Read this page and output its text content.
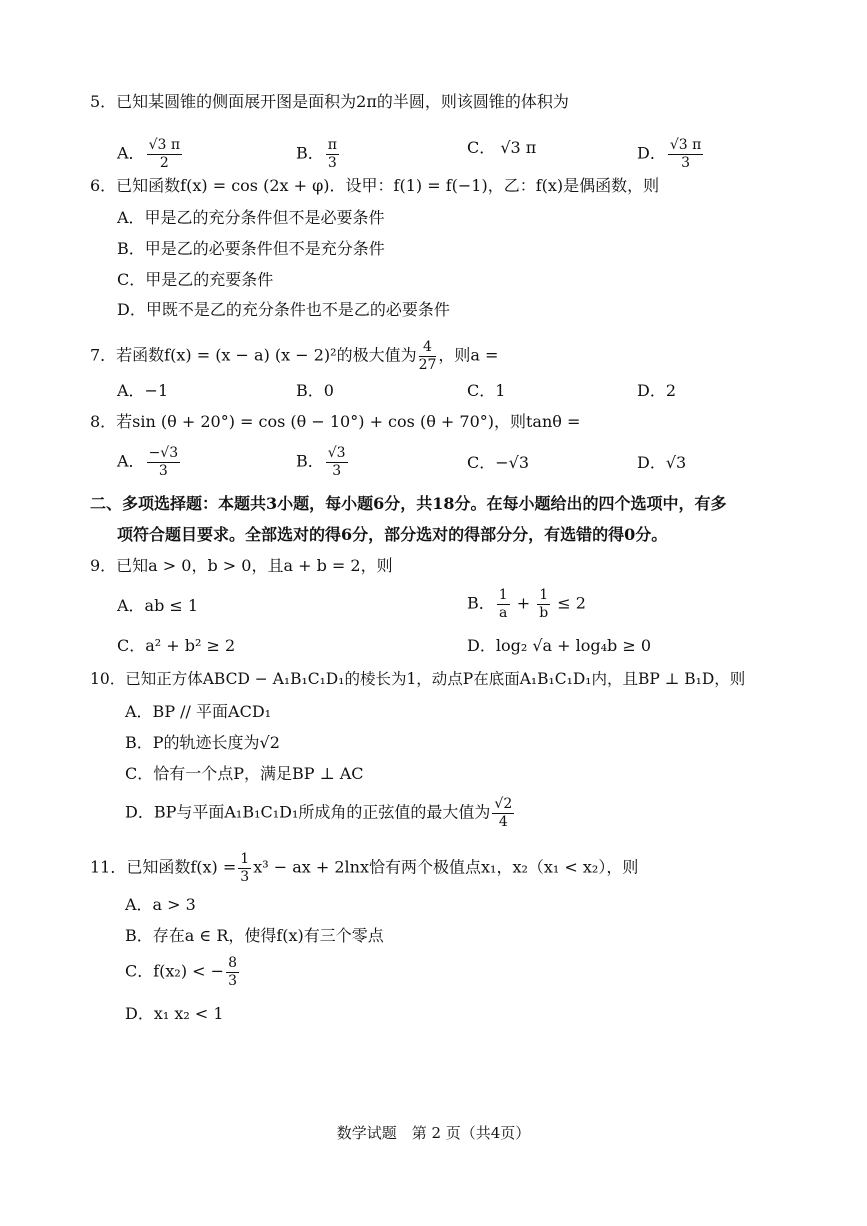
5．已知某圆锥的侧面展开图是面积为2π的半圆，则该圆锥的体积为
A． $\frac{√3 \pi}{2}$	B． $\frac{\pi}{3}$	C． √3 π	D． $\frac{√3 \pi}{3}$
6．已知函数f(x) = cos (2x + φ)．设甲：f(1) = f(−1)，乙：f(x)是偶函数，则
A．甲是乙的充分条件但不是必要条件
B．甲是乙的必要条件但不是充分条件
C．甲是乙的充要条件
D．甲既不是乙的充分条件也不是乙的必要条件
7．若函数f(x) = (x − a) (x − 2)²的极大值为 $\frac{4}{27}$ ，则a =
A．−1	B．0	C．1	D．2
8．若sin (θ + 20°) = cos (θ − 10°) + cos (θ + 70°)，则tanθ =
A． $\frac{-√3}{3}$	B． $\frac{√3}{3}$	C．−√3	D．√3
二、多项选择题：本题共3小题，每小题6分，共18分。在每小题给出的四个选项中，有多
项符合题目要求。全部选对的得6分，部分选对的得部分分，有选错的得0分。
9．已知a > 0，b > 0，且a + b = 2，则
A．ab ≤ 1	B． $\frac{1}{a} + \frac{1}{b} \le 2$
C．a² + b² ≥ 2	D．log₂ √a + log₄b ≥ 0
10．已知正方体ABCD − A₁B₁C₁D₁的棱长为1，动点P在底面A₁B₁C₁D₁内，且BP ⊥ B₁D，则
A．BP // 平面ACD₁
B．P的轨迹长度为√2
C．恰有一个点P，满足BP ⊥ AC
D．BP与平面A₁B₁C₁D₁所成角的正弦值的最大值为 $\frac{√2}{4}$
11．已知函数$f(x) = \frac{1}{3} x^3$ − ax + 2lnx恰有两个极值点x₁，x₂（x₁ < x₂），则
A．a > 3
B．存在a ∈ R，使得f(x)有三个零点
C．f(x₂) < − $\frac{8}{3}$
D．x₁ x₂ < 1
数学试题　第 2 页（共4页）
